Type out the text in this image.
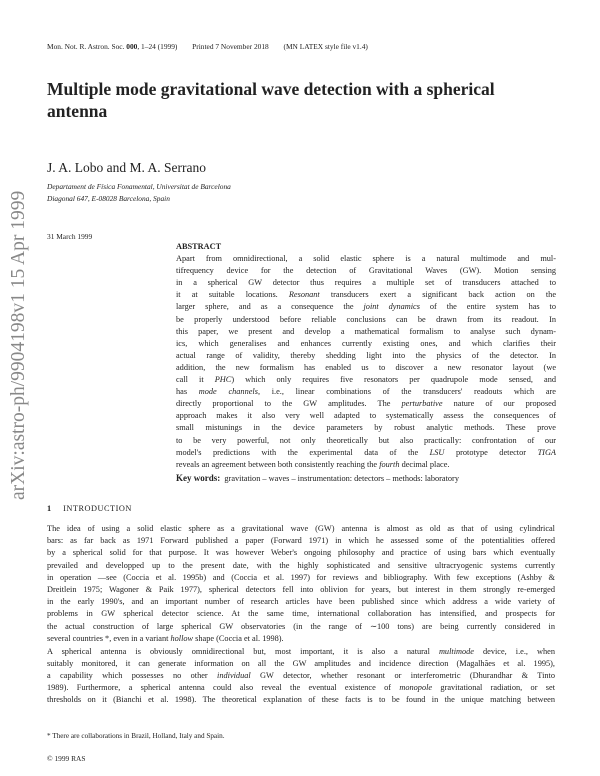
Mon. Not. R. Astron. Soc. 000, 1–24 (1999) Printed 7 November 2018 (MN LATEX style file v1.4)
arXiv:astro-ph/9904198v1 15 Apr 1999
Multiple mode gravitational wave detection with a spherical antenna
J. A. Lobo and M. A. Serrano
Departament de Física Fonamental, Universitat de Barcelona
Diagonal 647, E-08028 Barcelona, Spain
31 March 1999
ABSTRACT
Apart from omnidirectional, a solid elastic sphere is a natural multimode and mul-
tifrequency device for the detection of Gravitational Waves (GW). Motion sensing
in a spherical GW detector thus requires a multiple set of transducers attached to
it at suitable locations. Resonant transducers exert a significant back action on the
larger sphere, and as a consequence the joint dynamics of the entire system has to
be properly understood before reliable conclusions can be drawn from its readout. In
this paper, we present and develop a mathematical formalism to analyse such dynam-
ics, which generalises and enhances currently existing ones, and which clarifies their
actual range of validity, thereby shedding light into the physics of the detector. In
addition, the new formalism has enabled us to discover a new resonator layout (we
call it PHC) which only requires five resonators per quadrupole mode sensed, and
has mode channels, i.e., linear combinations of the transducers' readouts which are
directly proportional to the GW amplitudes. The perturbative nature of our proposed
approach makes it also very well adapted to systematically assess the consequences of
small mistunings in the device parameters by robust analytic methods. These prove
to be very powerful, not only theoretically but also practically: confrontation of our
model's predictions with the experimental data of the LSU prototype detector TIGA
reveals an agreement between both consistently reaching the fourth decimal place.
Key words: gravitation – waves – instrumentation: detectors – methods: laboratory
1 INTRODUCTION
The idea of using a solid elastic sphere as a gravitational wave (GW) antenna is almost as old as that of using cylindrical
bars: as far back as 1971 Forward published a paper (Forward 1971) in which he assessed some of the potentialities offered
by a spherical solid for that purpose. It was however Weber's ongoing philosophy and practice of using bars which eventually
prevailed and developped up to the present date, with the highly sophisticated and sensitive ultracryogenic systems currently
in operation —see (Coccia et al. 1995b) and (Coccia et al. 1997) for reviews and bibliography. With few exceptions (Ashby &
Dreitlein 1975; Wagoner & Paik 1977), spherical detectors fell into oblivion for years, but interest in them strongly re-emerged
in the early 1990's, and an important number of research articles have been published since which address a wide variety of
problems in GW spherical detector science. At the same time, international collaboration has intensified, and prospects for
the actual construction of large spherical GW observatories (in the range of ∼100 tons) are being currently considered in
several countries *, even in a variant hollow shape (Coccia et al. 1998).
A spherical antenna is obviously omnidirectional but, most important, it is also a natural multimode device, i.e., when
suitably monitored, it can generate information on all the GW amplitudes and incidence direction (Magalhães et al. 1995),
a capability which possesses no other individual GW detector, whether resonant or interferometric (Dhurandhar & Tinto
1989). Furthermore, a spherical antenna could also reveal the eventual existence of monopole gravitational radiation, or set
thresholds on it (Bianchi et al. 1998). The theoretical explanation of these facts is to be found in the unique matching between
* There are collaborations in Brazil, Holland, Italy and Spain.
© 1999 RAS
